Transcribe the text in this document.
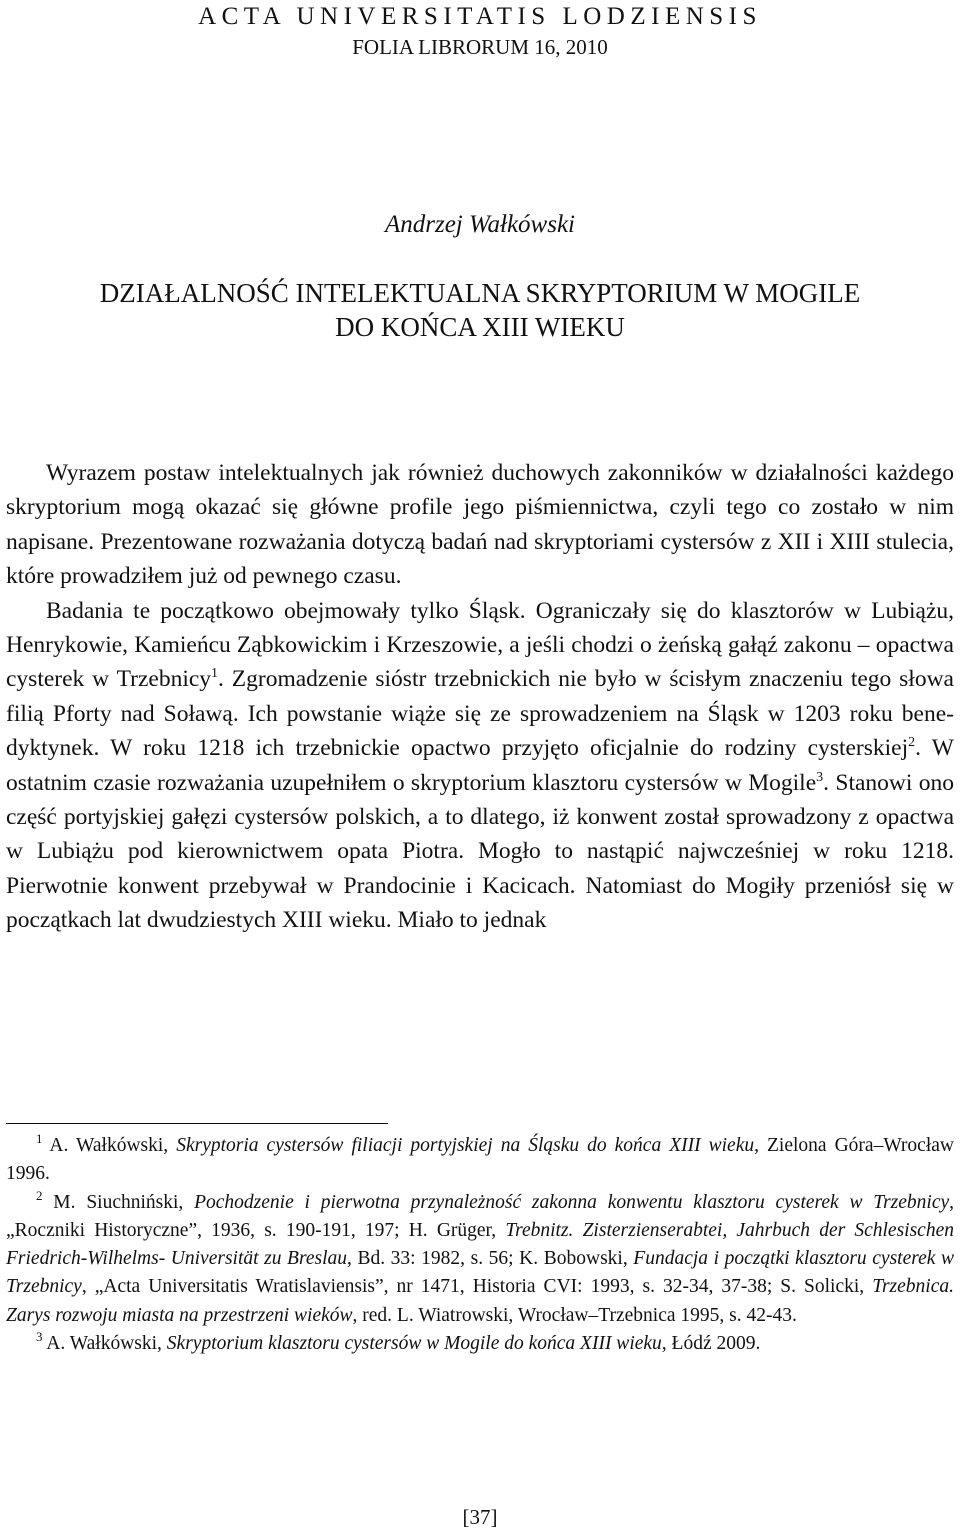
ACTA UNIVERSITATIS LODZIENSIS
FOLIA LIBRORUM 16, 2010
Andrzej Wałkówski
DZIAŁALNOŚĆ INTELEKTUALNA SKRYPTORIUM W MOGILE
DO KOŃCA XIII WIEKU

Wyrazem postaw intelektualnych jak również duchowych zakonników w działalności każdego skryptorium mogą okazać się główne profile jego piśmiennictwa, czyli tego co zostało w nim napisane. Prezentowane rozważania dotyczą badań nad skryptoriami cystersów z XII i XIII stulecia, które prowadziłem już od pewnego czasu.

Badania te początkowo obejmowały tylko Śląsk. Ograniczały się do klasztorów w Lubiążu, Henrykowie, Kamieńcu Ząbkowickim i Krzeszowie, a jeśli chodzi o żeńską gałąź zakonu – opactwa cysterek w Trzebnicy$^1$. Zgromadzenie sióstr trzebnickich nie było w ścisłym znaczeniu tego słowa filią Pforty nad Soławą. Ich powstanie wiąże się ze sprowadzeniem na Śląsk w 1203 roku benedyktynek. W roku 1218 ich trzebnickie opactwo przyjęto oficjalnie do rodziny cysterskiej$^2$. W ostatnim czasie rozważania uzupełniłem o skryptorium klasztoru cystersów w Mogile$^3$. Stanowi ono część portyjskiej gałęzi cystersów polskich, a to dlatego, iż konwent został sprowadzony z opactwa w Lubiążu pod kierownictwem opata Piotra. Mogło to nastąpić najwcześniej w roku 1218. Pierwotnie konwent przebywał w Prandocinie i Kacicach. Natomiast do Mogiły przeniósł się w początkach lat dwudziestych XIII wieku. Miało to jednak

$^1$ A. Wałkówski, Skryptoria cystersów filiacji portyjskiej na Śląsku do końca XIII wieku, Zielona Góra–Wrocław 1996.

$^2$ M. Siuchniński, Pochodzenie i pierwotna przynależność zakonna konwentu klasztoru cysterek w Trzebnicy, „Roczniki Historyczne”, 1936, s. 190-191, 197; H. Grüger, Trebnitz. Zisterzienserabtei, Jahrbuch der Schlesischen Friedrich-Wilhelms- Universität zu Breslau, Bd. 33: 1982, s. 56; K. Bobowski, Fundacja i początki klasztoru cysterek w Trzebnicy, „Acta Universitatis Wratislaviensis”, nr 1471, Historia CVI: 1993, s. 32-34, 37-38; S. Solicki, Trzebnica. Zarys rozwoju miasta na przestrzeni wieków, red. L. Wiatrowski, Wrocław–Trzebnica 1995, s. 42-43.

$^3$ A. Wałkówski, Skryptorium klasztoru cystersów w Mogile do końca XIII wieku, Łódź 2009.

[37]
